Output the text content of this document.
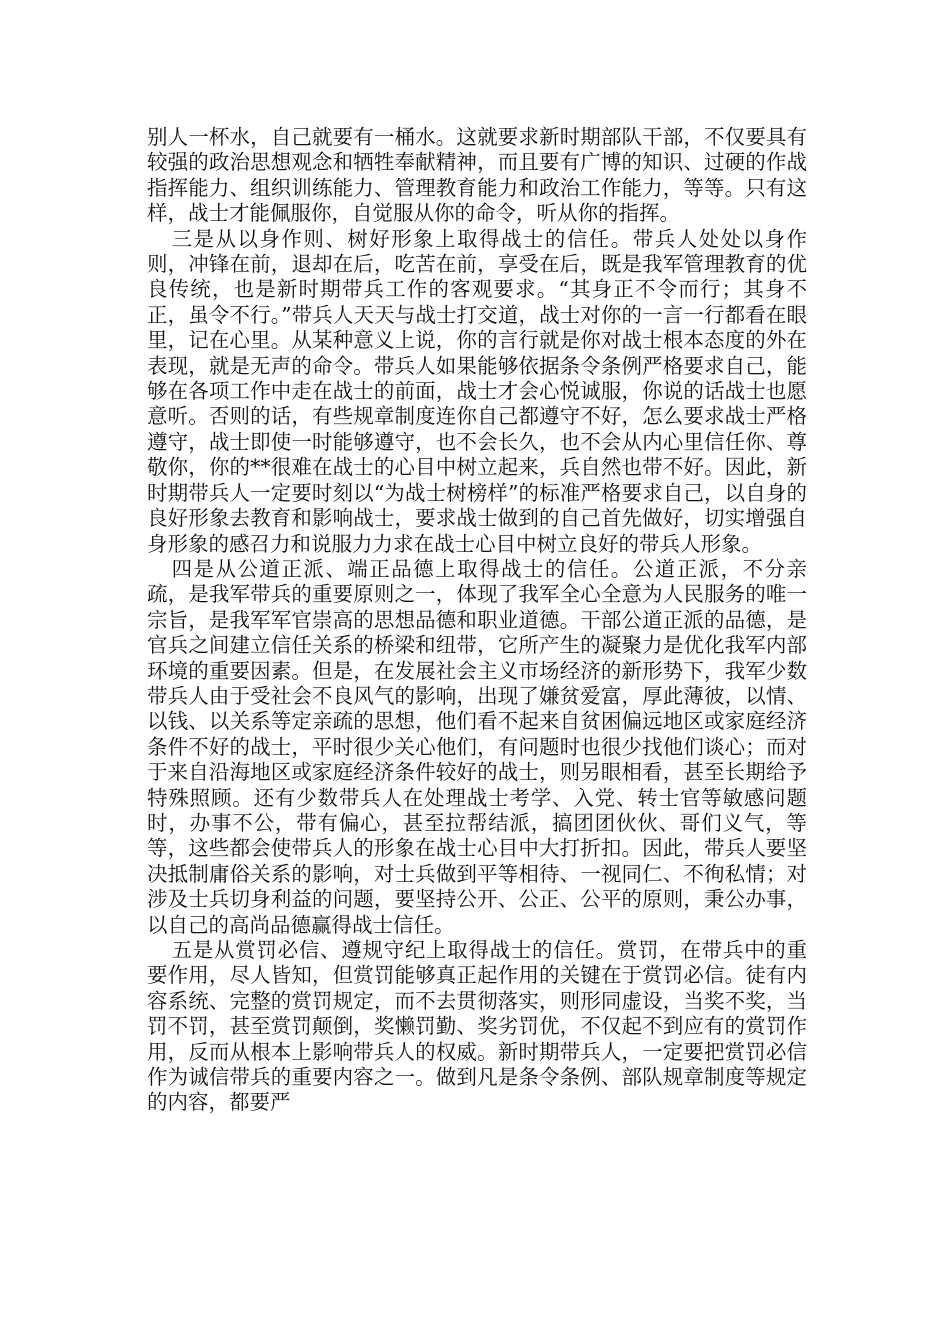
别人一杯水，自己就要有一桶水。这就要求新时期部队干部，不仅要具有较强的政治思想观念和牺牲奉献精神，而且要有广博的知识、过硬的作战指挥能力、组织训练能力、管理教育能力和政治工作能力，等等。只有这样，战士才能佩服你，自觉服从你的命令，听从你的指挥。

三是从以身作则、树好形象上取得战士的信任。带兵人处处以身作则，冲锋在前，退却在后，吃苦在前，享受在后，既是我军管理教育的优良传统，也是新时期带兵工作的客观要求。“其身正不令而行；其身不正，虽令不行。”带兵人天天与战士打交道，战士对你的一言一行都看在眼里，记在心里。从某种意义上说，你的言行就是你对战士根本态度的外在表现，就是无声的命令。带兵人如果能够依据条令条例严格要求自己，能够在各项工作中走在战士的前面，战士才会心悦诚服，你说的话战士也愿意听。否则的话，有些规章制度连你自己都遵守不好，怎么要求战士严格遵守，战士即使一时能够遵守，也不会长久，也不会从内心里信任你、尊敬你，你的**很难在战士的心目中树立起来，兵自然也带不好。因此，新时期带兵人一定要时刻以“为战士树榜样”的标准严格要求自己，以自身的良好形象去教育和影响战士，要求战士做到的自己首先做好，切实增强自身形象的感召力和说服力力求在战士心目中树立良好的带兵人形象。

四是从公道正派、端正品德上取得战士的信任。公道正派，不分亲疏，是我军带兵的重要原则之一，体现了我军全心全意为人民服务的唯一宗旨，是我军军官崇高的思想品德和职业道德。干部公道正派的品德，是官兵之间建立信任关系的桥梁和纽带，它所产生的凝聚力是优化我军内部环境的重要因素。但是，在发展社会主义市场经济的新形势下，我军少数带兵人由于受社会不良风气的影响，出现了嫌贫爱富，厚此薄彼，以情、以钱、以关系等定亲疏的思想，他们看不起来自贫困偏远地区或家庭经济条件不好的战士，平时很少关心他们，有问题时也很少找他们谈心；而对于来自沿海地区或家庭经济条件较好的战士，则另眼相看，甚至长期给予特殊照顾。还有少数带兵人在处理战士考学、入党、转士官等敏感问题时，办事不公，带有偏心，甚至拉帮结派，搞团团伙伙、哥们义气，等等，这些都会使带兵人的形象在战士心目中大打折扣。因此，带兵人要坚决抵制庸俗关系的影响，对士兵做到平等相待、一视同仁、不徇私情；对涉及士兵切身利益的问题，要坚持公开、公正、公平的原则，秉公办事，以自己的高尚品德赢得战士信任。

五是从赏罚必信、遵规守纪上取得战士的信任。赏罚，在带兵中的重要作用，尽人皆知，但赏罚能够真正起作用的关键在于赏罚必信。徒有内容系统、完整的赏罚规定，而不去贯彻落实，则形同虚设，当奖不奖，当罚不罚，甚至赏罚颠倒，奖懒罚勤、奖劣罚优，不仅起不到应有的赏罚作用，反而从根本上影响带兵人的权威。新时期带兵人，一定要把赏罚必信作为诚信带兵的重要内容之一。做到凡是条令条例、部队规章制度等规定的内容，都要严
